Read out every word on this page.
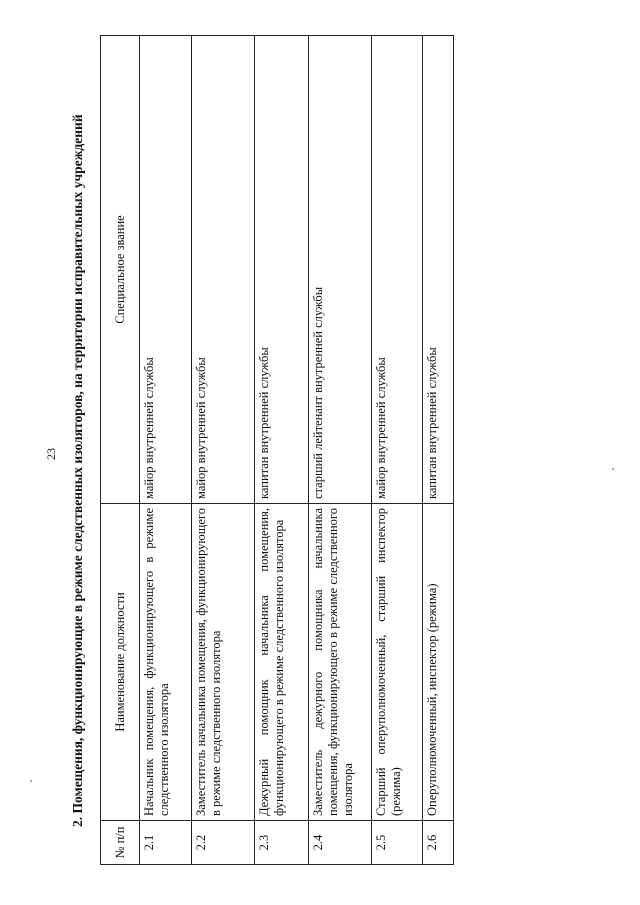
23 2. Помещения, функционирующие в режиме следственных изоляторов, на территории исправительных учреждений
№ п/п	Наименование должности	Специальное звание
2.1	Начальник помещения, функционирующего в режиме следственного изолятора	майор внутренней службы
2.2	Заместитель начальника помещения, функционирующего в режиме следственного изолятора	майор внутренней службы
2.3	Дежурный помощник начальника помещения, функционирующего в режиме следственного изолятора	капитан внутренней службы
2.4	Заместитель дежурного помощника начальника помещения, функционирующего в режиме следственного изолятора	старший лейтенант внутренней службы
2.5	Старший оперуполномоченный, старший инспектор (режима)	майор внутренней службы
2.6	Оперуполномоченный, инспектор (режима)	капитан внутренней службы
